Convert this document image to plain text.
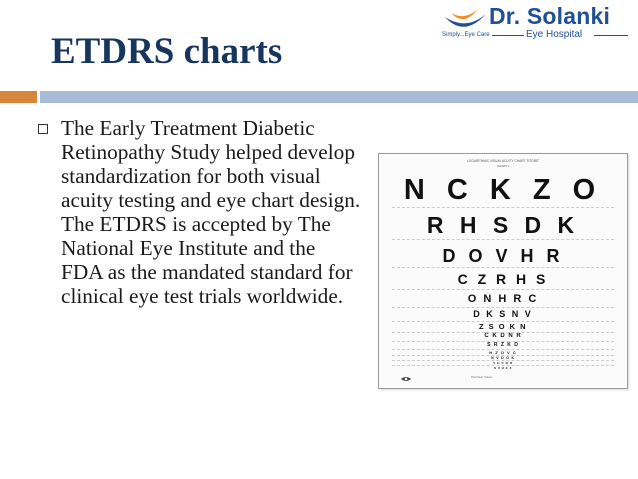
Dr. Solanki
Simply...Eye Care	Eye Hospital
ETDRS charts
The Early Treatment Diabetic Retinopathy Study helped develop standardization for both visual acuity testing and eye chart design. The ETDRS is accepted by The National Eye Institute and the FDA as the mandated standard for clinical eye test trials worldwide.
LOGARITHMIC VISUAL ACUITY CHART "ETDRS"
CHART 1
N C K Z O
R H S D K
D O V H R
C Z R H S
O N H R C
D K S N V
Z S O K N
C K D N R
S R Z K D
H Z O V C
N V D O K
V H C N O
S V H C Z
Precision Vision
